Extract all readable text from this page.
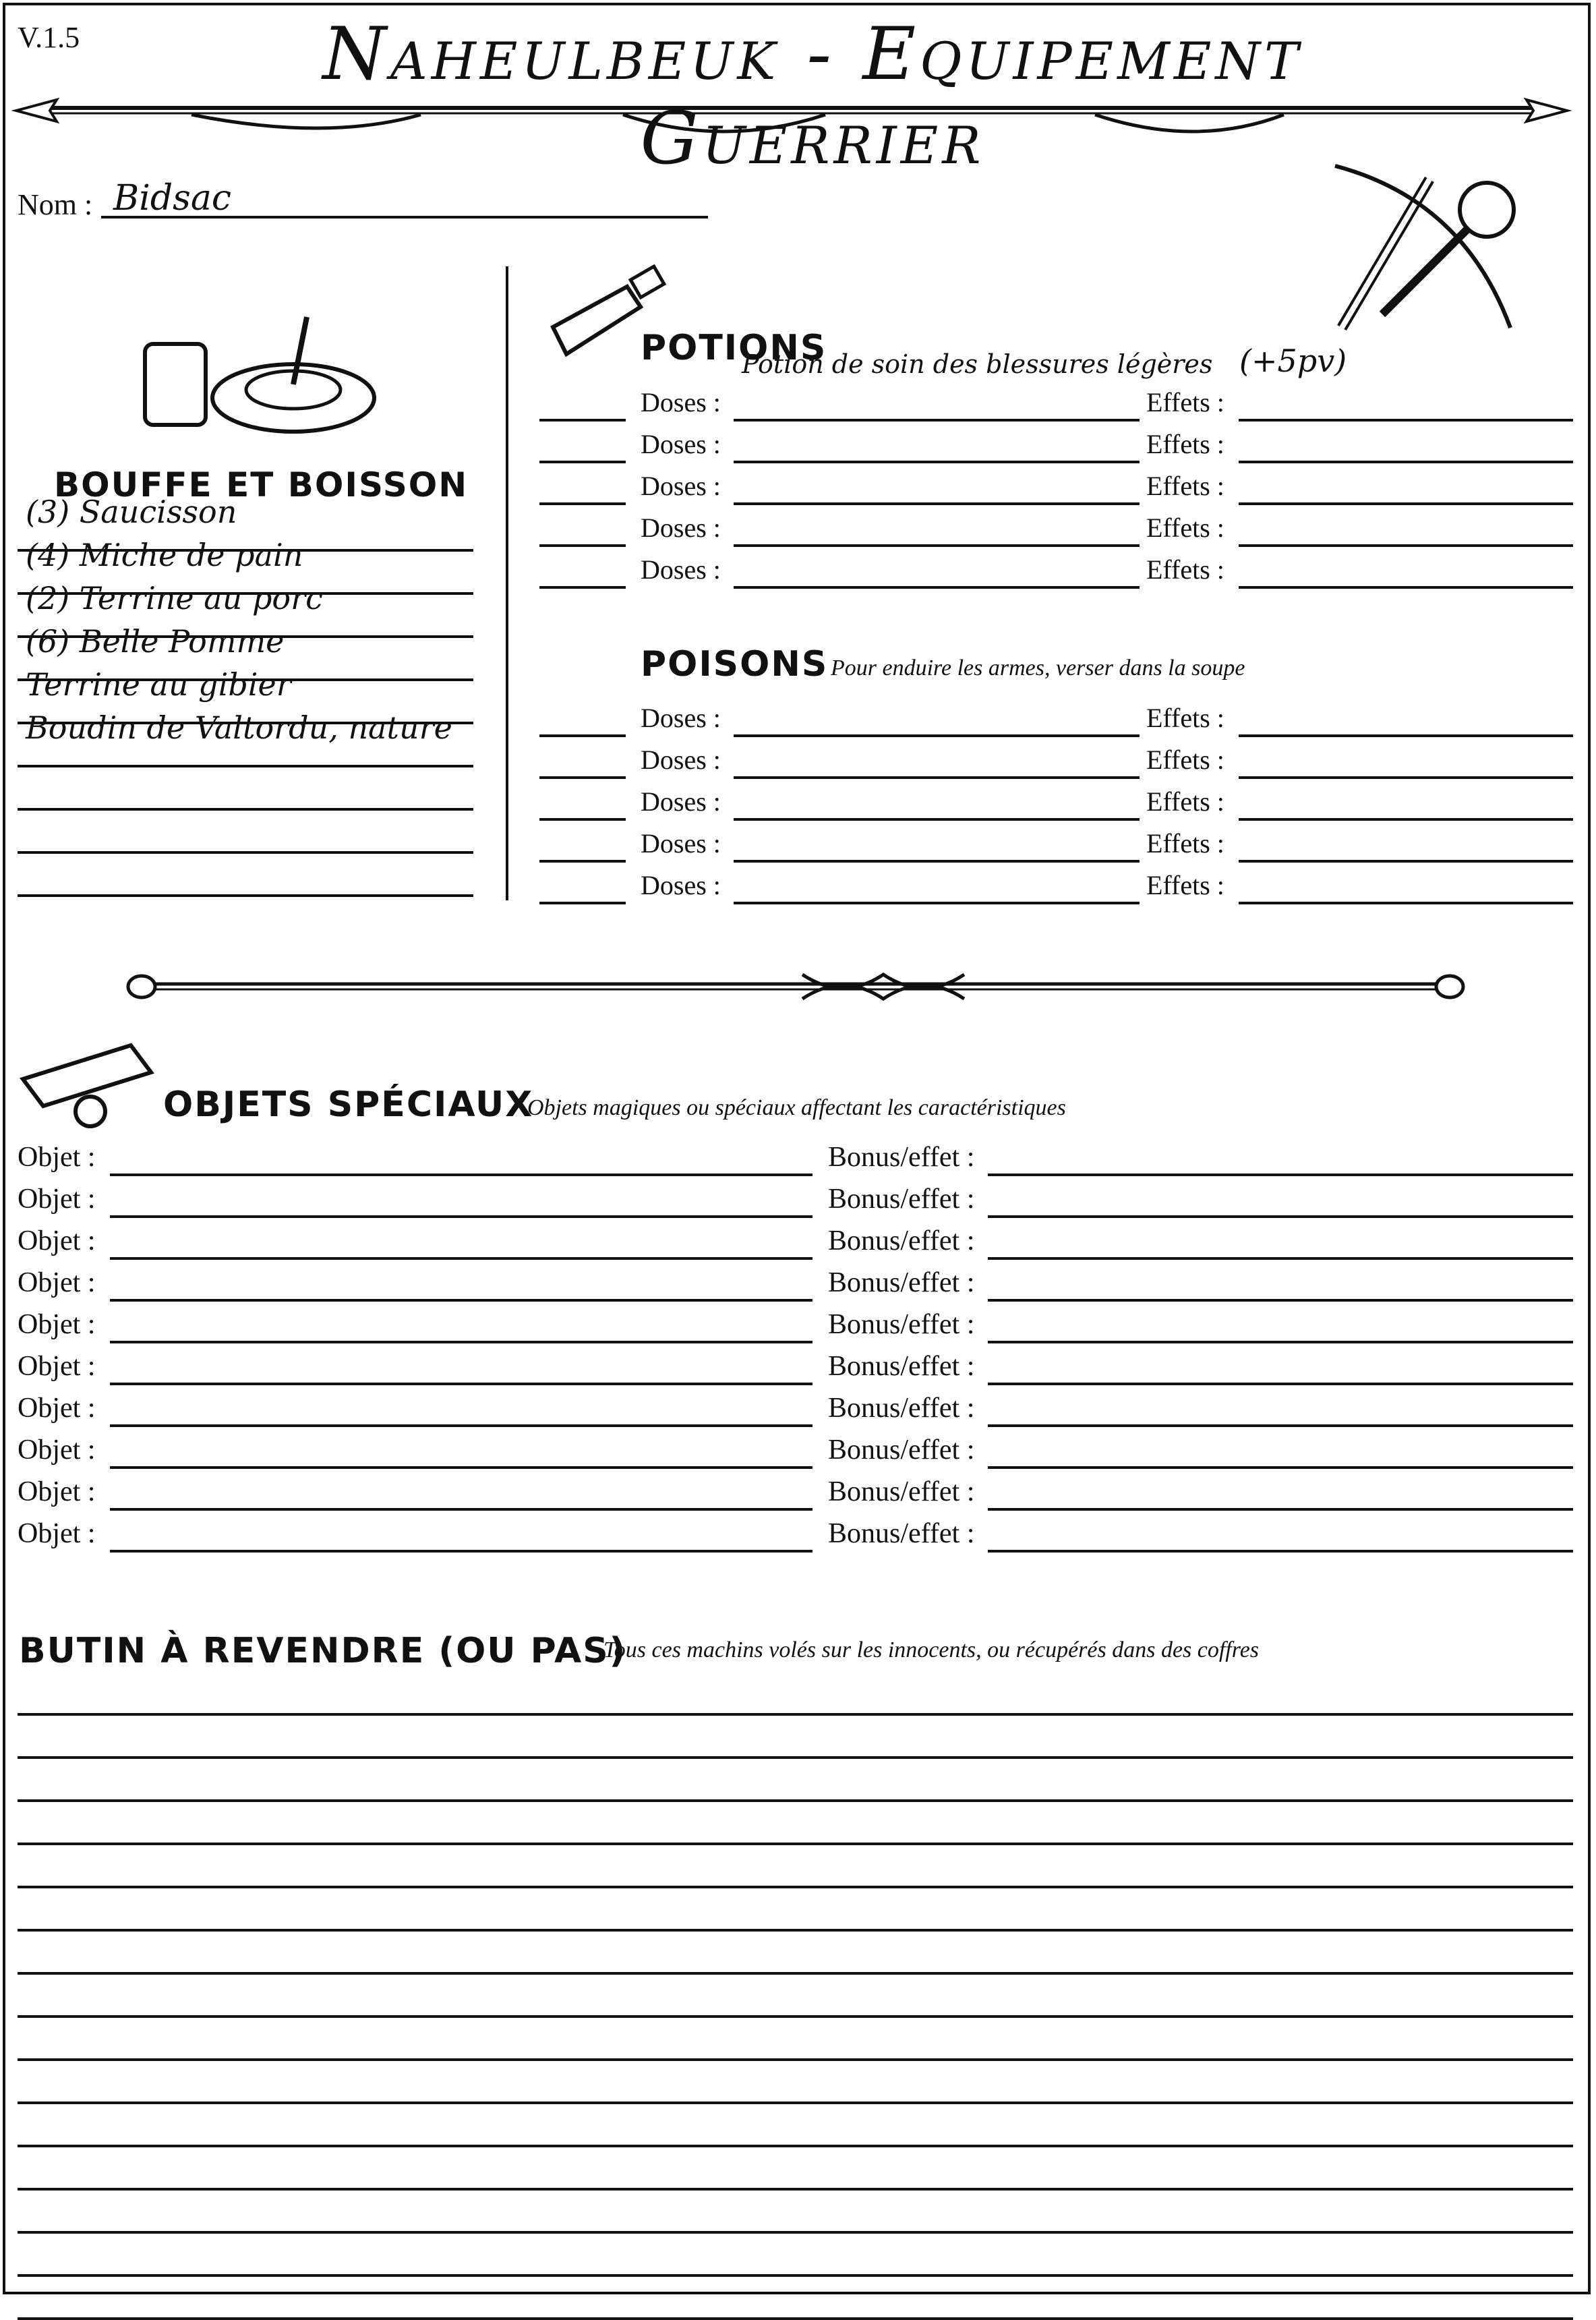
V.1.5	Naheulbeuk - Equipement Guerrier
Nom : Bidsac
BOUFFE ET BOISSON
(3) Saucisson
(4) Miche de pain
(2) Terrine au porc
(6) Belle Pomme
Terrine au gibier
Boudin de Valtordu, nature
POTIONS
Potion de soin des blessures légères (+5pv)
Doses :	Effets :
Doses :	Effets :
Doses :	Effets :
Doses :	Effets :
Doses :	Effets :
POISONS Pour enduire les armes, verser dans la soupe
Doses :	Effets :
Doses :	Effets :
Doses :	Effets :
Doses :	Effets :
Doses :	Effets :
OBJETS SPÉCIAUX
Objets magiques ou spéciaux affectant les caractéristiques
Objet :	Bonus/effet :
Objet :	Bonus/effet :
Objet :	Bonus/effet :
Objet :	Bonus/effet :
Objet :	Bonus/effet :
Objet :	Bonus/effet :
Objet :	Bonus/effet :
Objet :	Bonus/effet :
Objet :	Bonus/effet :
Objet :	Bonus/effet :
BUTIN À REVENDRE (OU PAS)
Tous ces machins volés sur les innocents, ou récupérés dans des coffres
